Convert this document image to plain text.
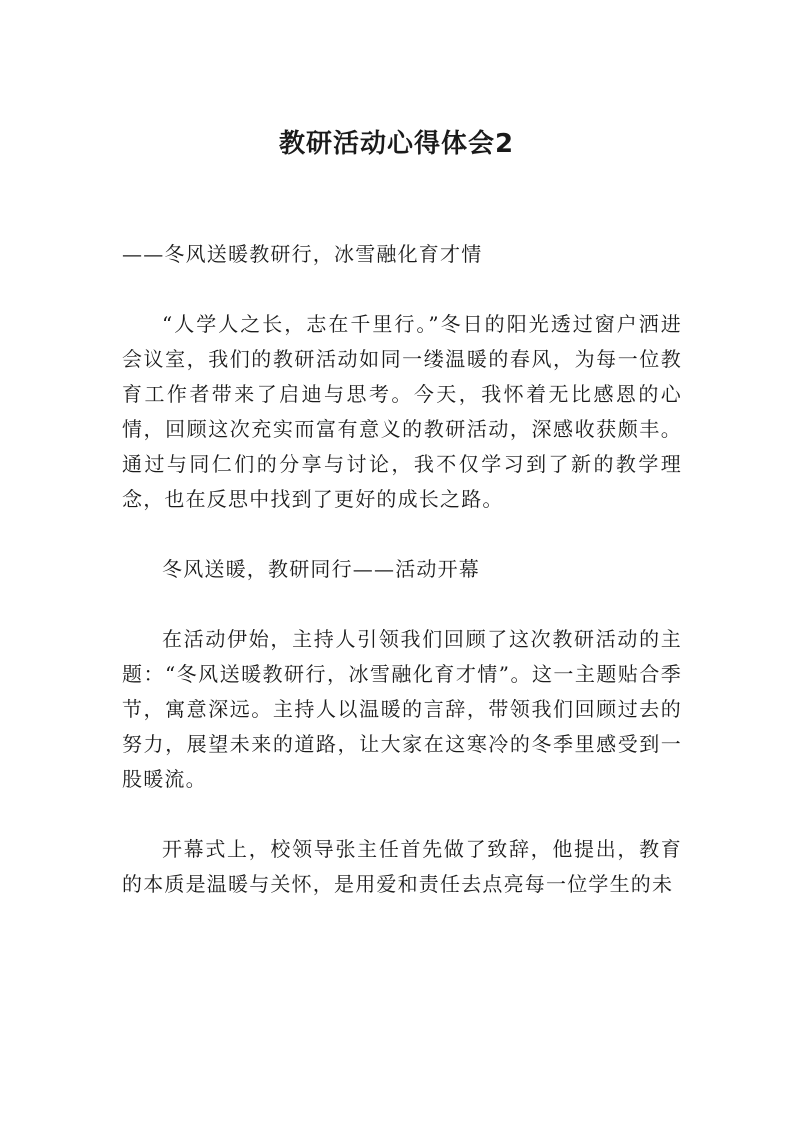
教研活动心得体会2

——冬风送暖教研行，冰雪融化育才情

“人学人之长，志在千里行。”冬日的阳光透过窗户洒进会议室，我们的教研活动如同一缕温暖的春风，为每一位教育工作者带来了启迪与思考。今天，我怀着无比感恩的心情，回顾这次充实而富有意义的教研活动，深感收获颇丰。通过与同仁们的分享与讨论，我不仅学习到了新的教学理念，也在反思中找到了更好的成长之路。

冬风送暖，教研同行——活动开幕

在活动伊始，主持人引领我们回顾了这次教研活动的主题：“冬风送暖教研行，冰雪融化育才情”。这一主题贴合季节，寓意深远。主持人以温暖的言辞，带领我们回顾过去的努力，展望未来的道路，让大家在这寒冷的冬季里感受到一股暖流。

开幕式上，校领导张主任首先做了致辞，他提出，教育的本质是温暖与关怀，是用爱和责任去点亮每一位学生的未
